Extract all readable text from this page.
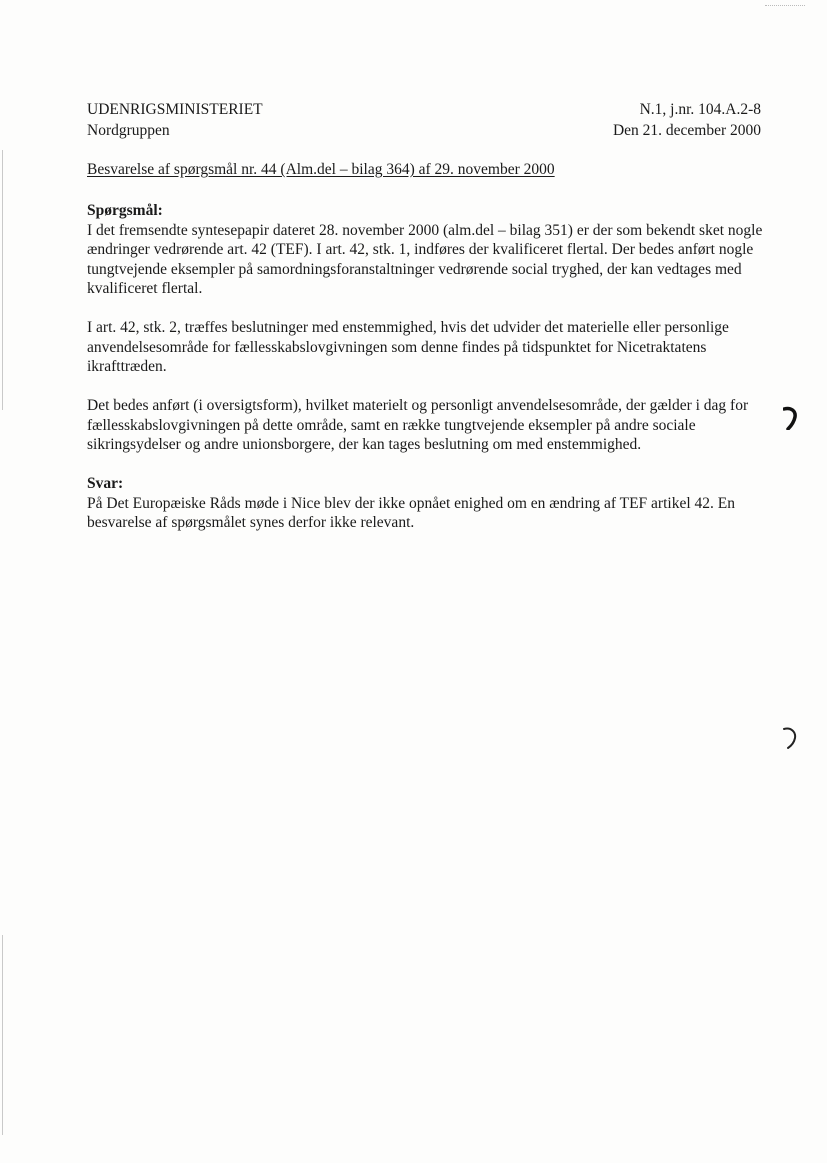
UDENRIGSMINISTERIET
Nordgruppen
N.1, j.nr. 104.A.2-8
Den 21. december 2000
Besvarelse af spørgsmål nr. 44 (Alm.del – bilag 364) af 29. november 2000
Spørgsmål:

I det fremsendte syntesepapir dateret 28. november 2000 (alm.del – bilag 351) er der som bekendt sket nogle ændringer vedrørende art. 42 (TEF). I art. 42, stk. 1, indføres der kvalificeret flertal. Der bedes anført nogle tungtvejende eksempler på samordningsforanstaltninger vedrørende social tryghed, der kan vedtages med kvalificeret flertal.

I art. 42, stk. 2, træffes beslutninger med enstemmighed, hvis det udvider det materielle eller personlige anvendelsesområde for fællesskabslovgivningen som denne findes på tidspunktet for Nicetraktatens ikrafttræden.

Det bedes anført (i oversigtsform), hvilket materielt og personligt anvendelsesområde, der gælder i dag for fællesskabslovgivningen på dette område, samt en række tungtvejende eksempler på andre sociale sikringsydelser og andre unionsborgere, der kan tages beslutning om med enstemmighed.

Svar:

På Det Europæiske Råds møde i Nice blev der ikke opnået enighed om en ændring af TEF artikel 42. En besvarelse af spørgsmålet synes derfor ikke relevant.
